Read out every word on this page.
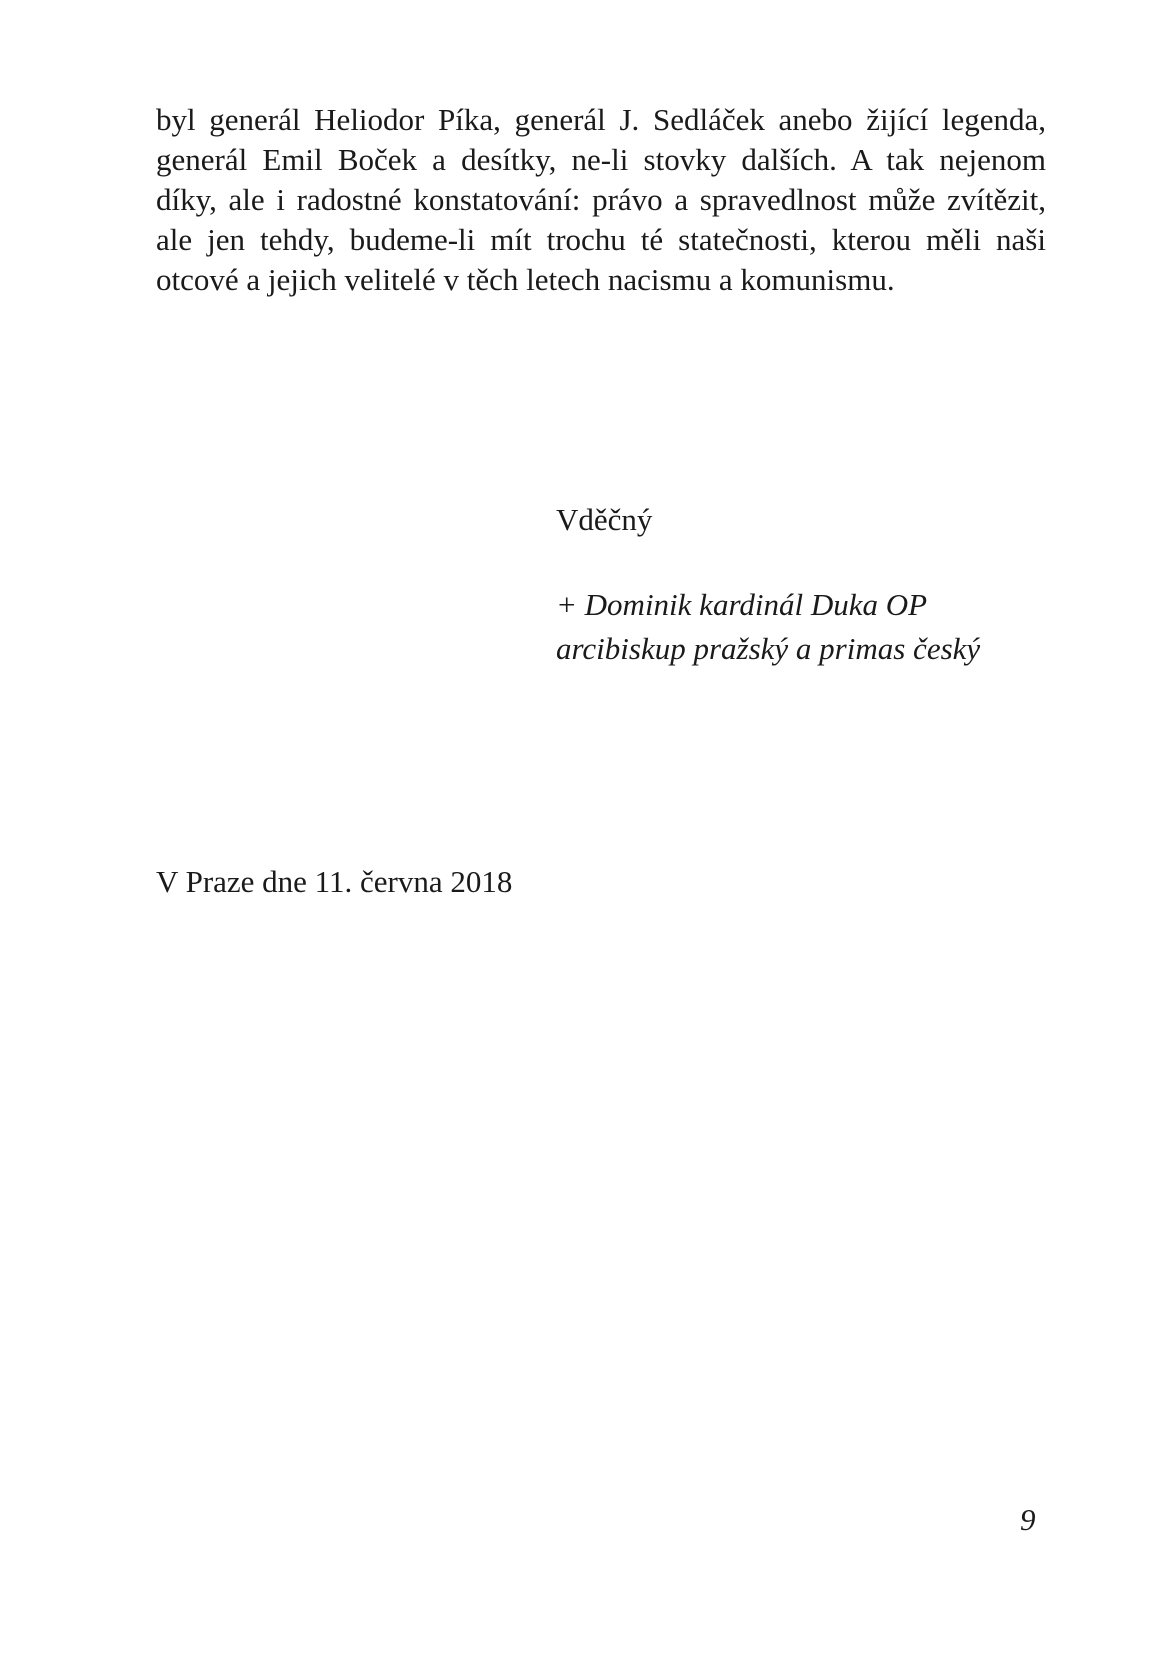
byl generál Heliodor Píka, generál J. Sedláček anebo žijící legenda,
generál Emil Boček a desítky, ne-li stovky dalších. A tak nejenom
díky, ale i radostné konstatování: právo a spravedlnost může zvítězit,
ale jen tehdy, budeme-li mít trochu té statečnosti, kterou měli naši
otcové a jejich velitelé v těch letech nacismu a komunismu.
Vděčný
+ Dominik kardinál Duka OP
arcibiskup pražský a primas český
V Praze dne 11. června 2018
9
